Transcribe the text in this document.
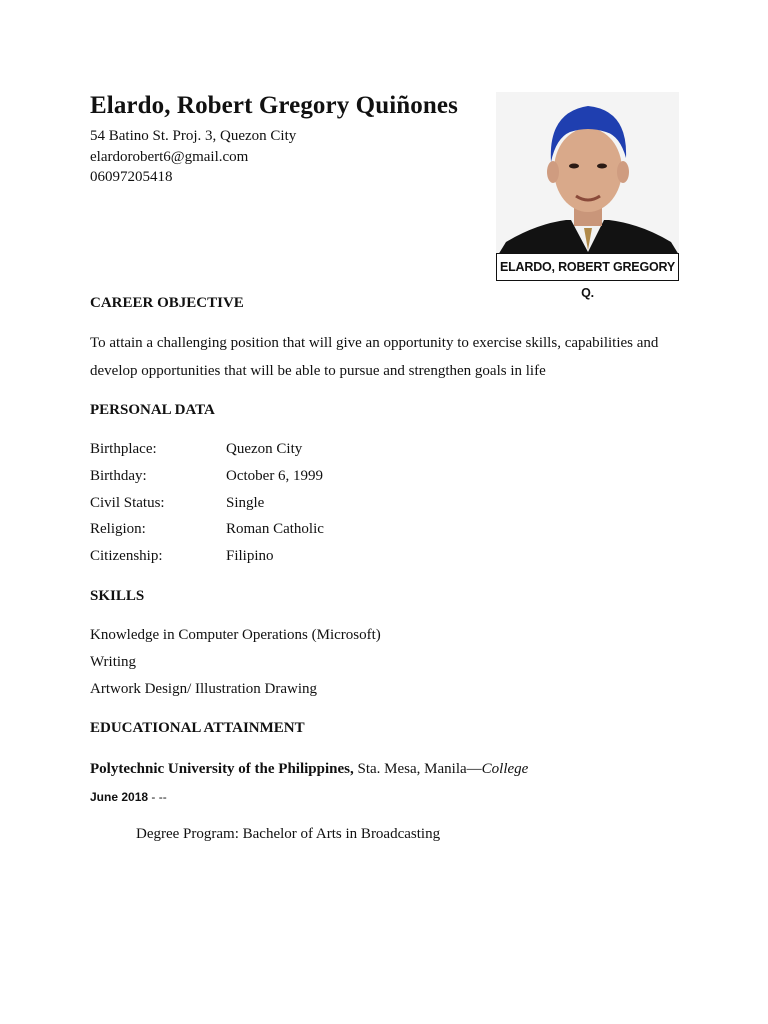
Elardo, Robert Gregory Quiñones
54 Batino St. Proj. 3, Quezon City
elardorobert6@gmail.com
06097205418
ELARDO, ROBERT GREGORY Q.
CAREER OBJECTIVE
To attain a challenging position that will give an opportunity to exercise skills, capabilities and develop opportunities that will be able to pursue and strengthen goals in life
PERSONAL DATA
Birthplace:	Quezon City
Birthday:	October 6, 1999
Civil Status:	Single
Religion:	Roman Catholic
Citizenship:	Filipino
SKILLS
Knowledge in Computer Operations (Microsoft)
Writing
Artwork Design/ Illustration Drawing
EDUCATIONAL ATTAINMENT
Polytechnic University of the Philippines, Sta. Mesa, Manila—College
June 2018 - --
Degree Program: Bachelor of Arts in Broadcasting
